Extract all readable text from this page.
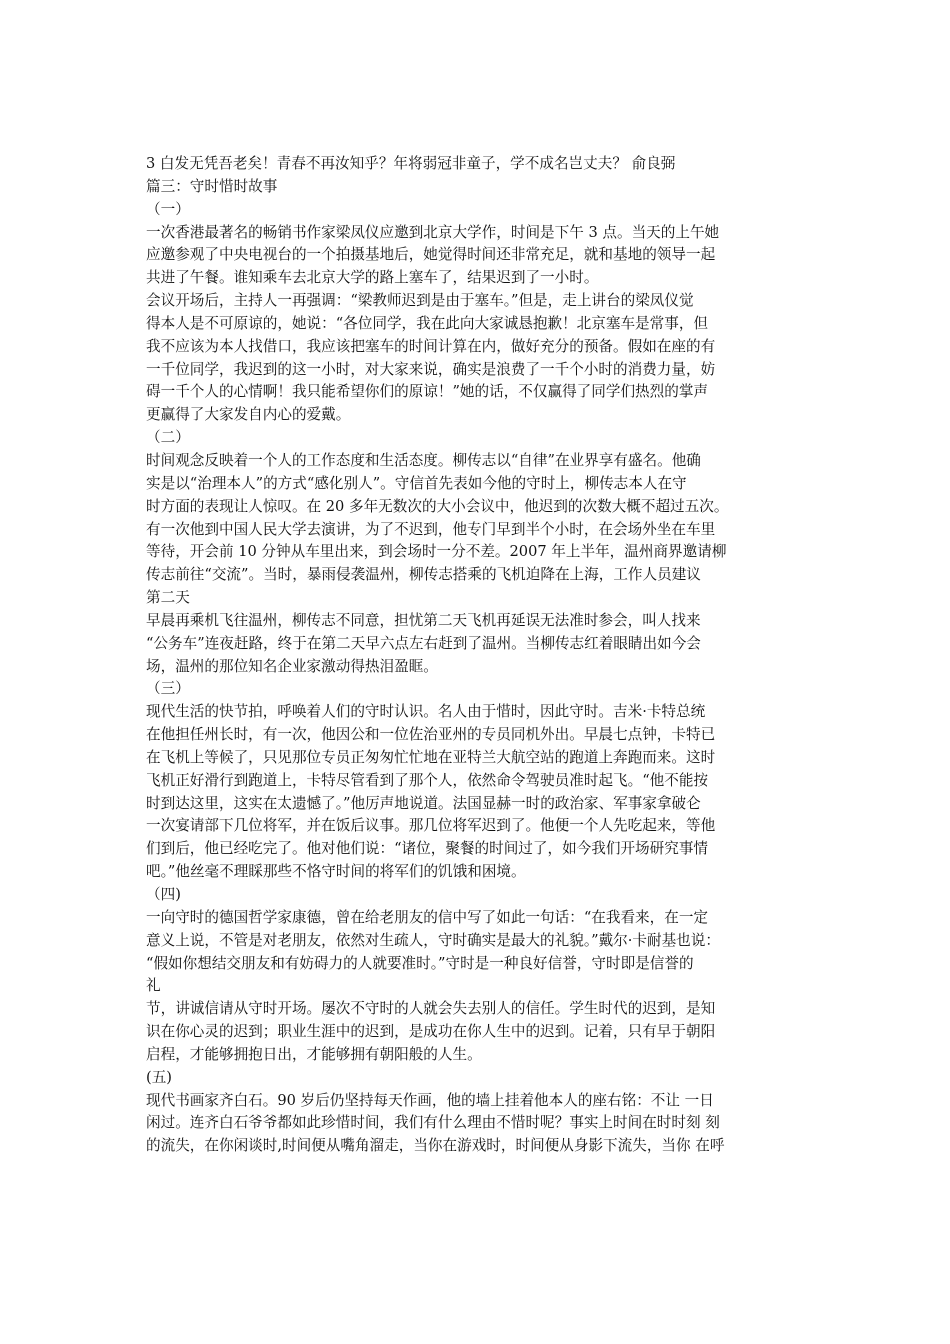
3 白发无凭吾老矣！青春不再汝知乎？年将弱冠非童子，学不成名岂丈夫？ 俞良弼
篇三：守时惜时故事
（一）
一次香港最著名的畅销书作家梁凤仪应邀到北京大学作，时间是下午 3 点。当天的上午她
应邀参观了中央电视台的一个拍摄基地后，她觉得时间还非常充足，就和基地的领导一起
共进了午餐。谁知乘车去北京大学的路上塞车了，结果迟到了一小时。
会议开场后，主持人一再强调：“梁教师迟到是由于塞车。”但是，走上讲台的梁凤仪觉
得本人是不可原谅的，她说：“各位同学，我在此向大家诚恳抱歉！北京塞车是常事，但
我不应该为本人找借口，我应该把塞车的时间计算在内，做好充分的预备。假如在座的有
一千位同学，我迟到的这一小时，对大家来说，确实是浪费了一千个小时的消费力量，妨
碍一千个人的心情啊！我只能希望你们的原谅！”她的话，不仅赢得了同学们热烈的掌声
更赢得了大家发自内心的爱戴。
（二）
时间观念反映着一个人的工作态度和生活态度。柳传志以“自律”在业界享有盛名。他确
实是以“治理本人”的方式“感化别人”。守信首先表如今他的守时上，柳传志本人在守
时方面的表现让人惊叹。在 20 多年无数次的大小会议中，他迟到的次数大概不超过五次。
有一次他到中国人民大学去演讲，为了不迟到，他专门早到半个小时，在会场外坐在车里
等待，开会前 10 分钟从车里出来，到会场时一分不差。2007 年上半年，温州商界邀请柳
传志前往“交流”。当时，暴雨侵袭温州，柳传志搭乘的飞机迫降在上海，工作人员建议
第二天
早晨再乘机飞往温州，柳传志不同意，担忧第二天飞机再延误无法准时参会，叫人找来
“公务车”连夜赶路，终于在第二天早六点左右赶到了温州。当柳传志红着眼睛出如今会
场，温州的那位知名企业家激动得热泪盈眶。
（三）
现代生活的快节拍，呼唤着人们的守时认识。名人由于惜时，因此守时。吉米·卡特总统
在他担任州长时，有一次，他因公和一位佐治亚州的专员同机外出。早晨七点钟，卡特已
在飞机上等候了，只见那位专员正匆匆忙忙地在亚特兰大航空站的跑道上奔跑而来。这时
飞机正好滑行到跑道上，卡特尽管看到了那个人，依然命令驾驶员准时起飞。“他不能按
时到达这里，这实在太遗憾了。”他厉声地说道。法国显赫一时的政治家、军事家拿破仑
一次宴请部下几位将军，并在饭后议事。那几位将军迟到了。他便一个人先吃起来，等他
们到后，他已经吃完了。他对他们说：“诸位，聚餐的时间过了，如今我们开场研究事情
吧。”他丝毫不理睬那些不恪守时间的将军们的饥饿和困境。
（四)
一向守时的德国哲学家康德，曾在给老朋友的信中写了如此一句话：“在我看来，在一定
意义上说，不管是对老朋友，依然对生疏人，守时确实是最大的礼貌。”戴尔·卡耐基也说：
“假如你想结交朋友和有妨碍力的人就要准时。”守时是一种良好信誉，守时即是信誉的
礼
节，讲诚信请从守时开场。屡次不守时的人就会失去别人的信任。学生时代的迟到，是知
识在你心灵的迟到；职业生涯中的迟到，是成功在你人生中的迟到。记着，只有早于朝阳
启程，才能够拥抱日出，才能够拥有朝阳般的人生。
(五)
现代书画家齐白石。90 岁后仍坚持每天作画，他的墙上挂着他本人的座右铭：不让 一日
闲过。连齐白石爷爷都如此珍惜时间，我们有什么理由不惜时呢？事实上时间在时时刻 刻
的流失，在你闲谈时,时间便从嘴角溜走，当你在游戏时，时间便从身影下流失，当你 在呼
